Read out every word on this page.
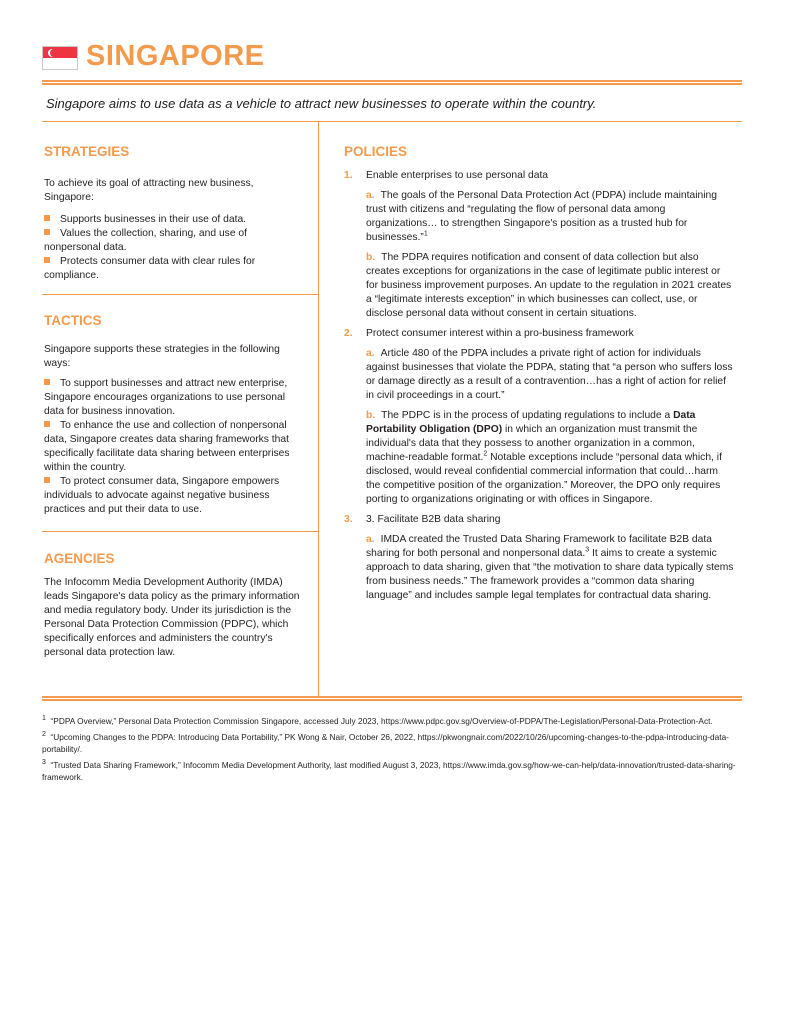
SINGAPORE

Singapore aims to use data as a vehicle to attract new businesses to operate within the country.

STRATEGIES

To achieve its goal of attracting new business, Singapore:

Supports businesses in their use of data.

Values the collection, sharing, and use of nonpersonal data.

Protects consumer data with clear rules for compliance.

TACTICS

Singapore supports these strategies in the following ways:

To support businesses and attract new enterprise, Singapore encourages organizations to use personal data for business innovation.

To enhance the use and collection of nonpersonal data, Singapore creates data sharing frameworks that specifically facilitate data sharing between enterprises within the country.

To protect consumer data, Singapore empowers individuals to advocate against negative business practices and put their data to use.

AGENCIES

The Infocomm Media Development Authority (IMDA) leads Singapore's data policy as the primary information and media regulatory body. Under its jurisdiction is the Personal Data Protection Commission (PDPC), which specifically enforces and administers the country's personal data protection law.

POLICIES
1. Enable enterprises to use personal data

a. The goals of the Personal Data Protection Act (PDPA) include maintaining trust with citizens and “regulating the flow of personal data among organizations… to strengthen Singapore's position as a trusted hub for businesses.”$^1$

b. The PDPA requires notification and consent of data collection but also creates exceptions for organizations in the case of legitimate public interest or for business improvement purposes. An update to the regulation in 2021 creates a “legitimate interests exception” in which businesses can collect, use, or disclose personal data without consent in certain situations.

2. Protect consumer interest within a pro-business framework

a. Article 480 of the PDPA includes a private right of action for individuals against businesses that violate the PDPA, stating that “a person who suffers loss or damage directly as a result of a contravention…has a right of action for relief in civil proceedings in a court.”

b. The PDPC is in the process of updating regulations to include a Data Portability Obligation (DPO) in which an organization must transmit the individual's data that they possess to another organization in a common, machine-readable format.$^2$ Notable exceptions include “personal data which, if disclosed, would reveal confidential commercial information that could…harm the competitive position of the organization.” Moreover, the DPO only requires porting to organizations originating or with offices in Singapore.

3. 3. Facilitate B2B data sharing

a. IMDA created the Trusted Data Sharing Framework to facilitate B2B data sharing for both personal and nonpersonal data.$^3$ It aims to create a systemic approach to data sharing, given that “the motivation to share data typically stems from business needs.” The framework provides a “common data sharing language” and includes sample legal templates for contractual data sharing.

$^1$ “PDPA Overview,” Personal Data Protection Commission Singapore, accessed July 2023, https://www.pdpc.gov.sg/Overview-of-PDPA/The-Legislation/Personal-Data-Protection-Act.

$^2$ “Upcoming Changes to the PDPA: Introducing Data Portability,” PK Wong & Nair, October 26, 2022, https://pkwongnair.com/2022/10/26/upcoming-changes-to-the-pdpa-introducing-data-portability/.

$^3$ “Trusted Data Sharing Framework,” Infocomm Media Development Authority, last modified August 3, 2023, https://www.imda.gov.sg/how-we-can-help/data-innovation/trusted-data-sharing-framework.
